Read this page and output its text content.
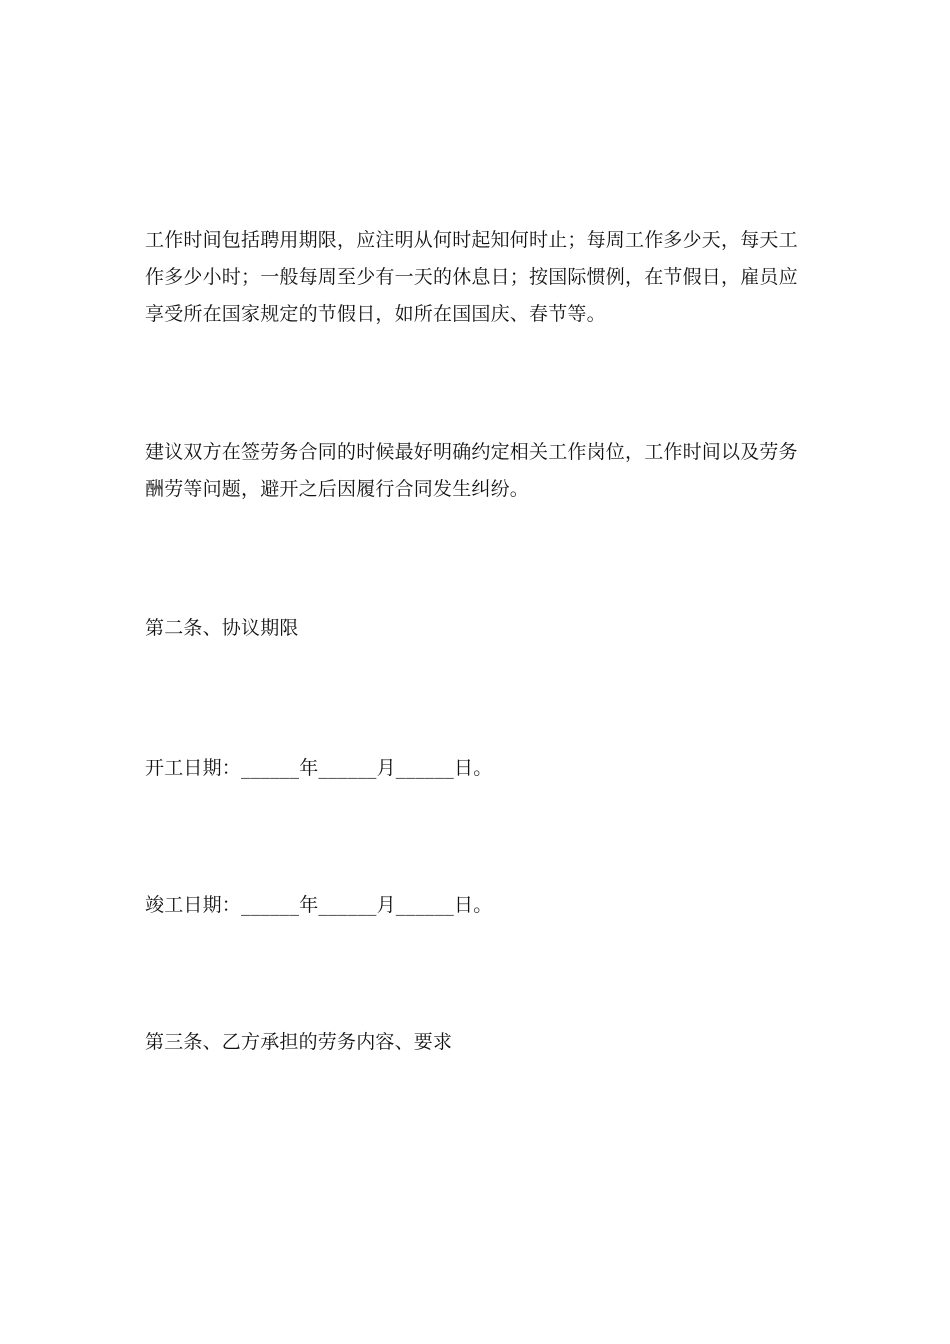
工作时间包括聘用期限，应注明从何时起知何时止；每周工作多少天，每天工
作多少小时；一般每周至少有一天的休息日；按国际惯例，在节假日，雇员应
享受所在国家规定的节假日，如所在国国庆、春节等。
建议双方在签劳务合同的时候最好明确约定相关工作岗位，工作时间以及劳务
酬劳等问题，避开之后因履行合同发生纠纷。
第二条、协议期限
开工日期：______年______月______日。
竣工日期：______年______月______日。
第三条、乙方承担的劳务内容、要求
